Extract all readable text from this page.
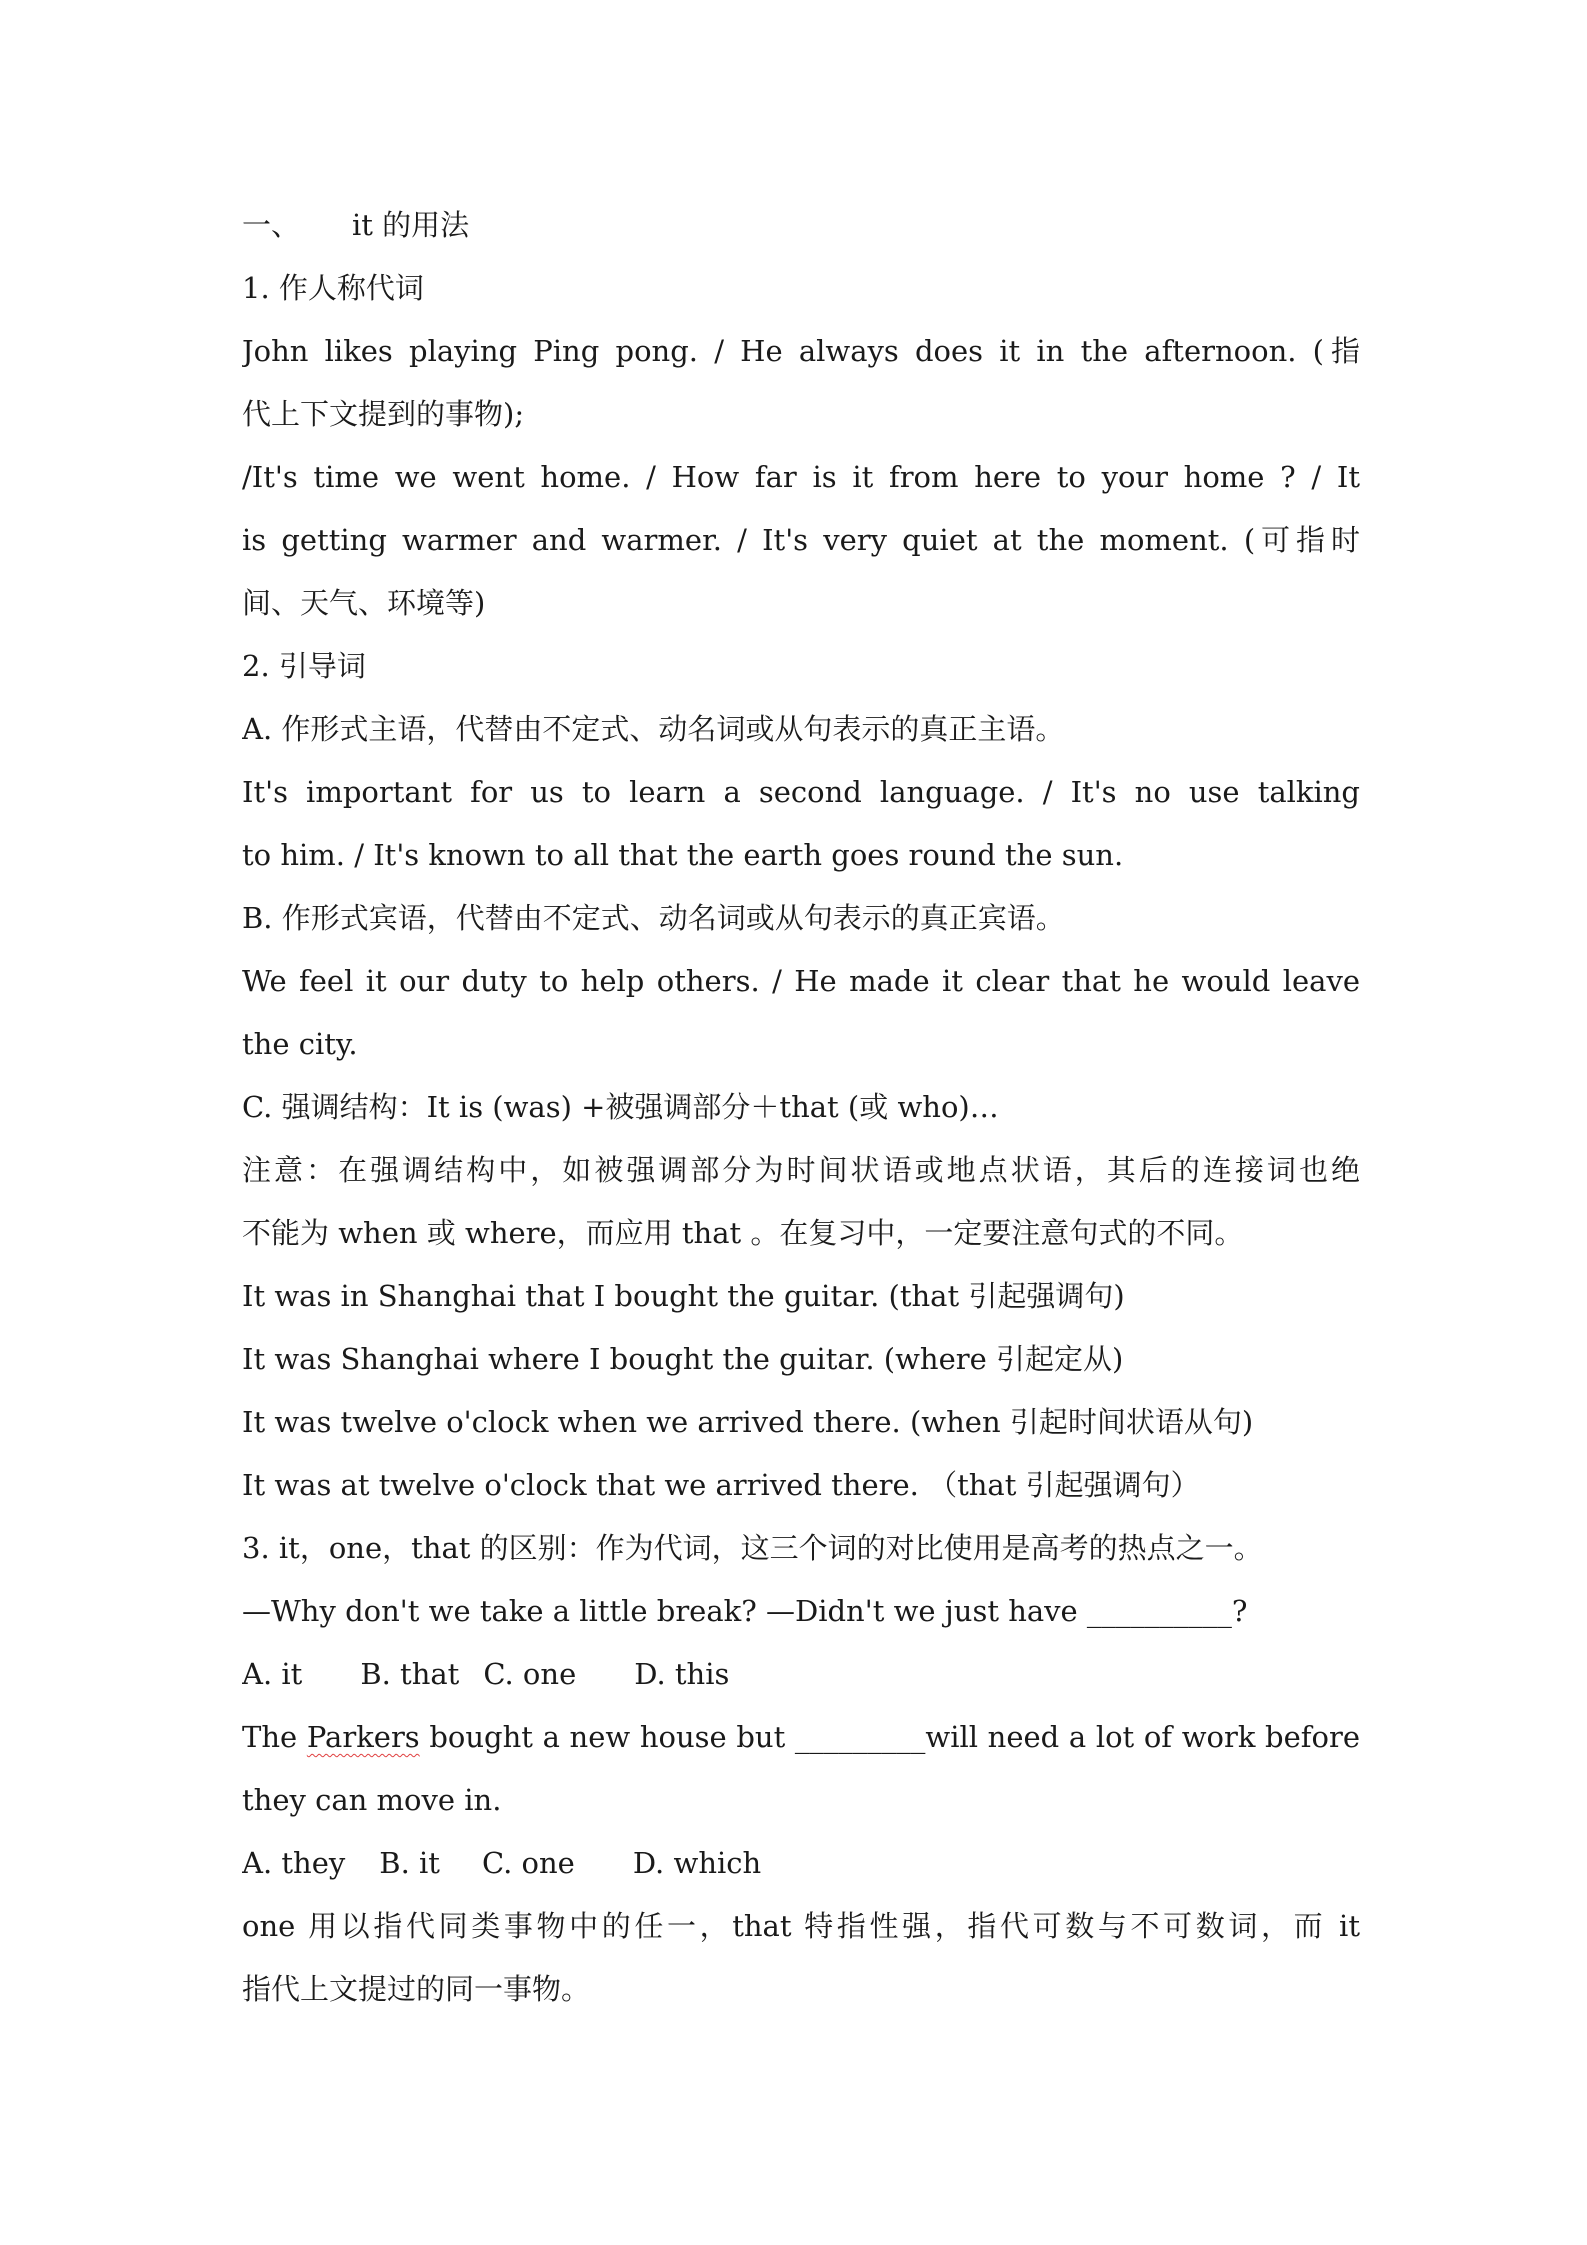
一、 it 的用法
1. 作人称代词
John likes playing Ping pong. / He always does it in the afternoon. (指
代上下文提到的事物);
/It's time we went home. / How far is it from here to your home ? / It
is getting warmer and warmer. / It's very quiet at the moment. (可指时
间、天气、环境等)
2. 引导词
A. 作形式主语，代替由不定式、动名词或从句表示的真正主语。
It's important for us to learn a second language. / It's no use talking
to him. / It's known to all that the earth goes round the sun.
B. 作形式宾语，代替由不定式、动名词或从句表示的真正宾语。
We feel it our duty to help others. / He made it clear that he would leave
the city.
C. 强调结构：It is (was) +被强调部分＋that (或 who)…
注意：在强调结构中，如被强调部分为时间状语或地点状语，其后的连接词也绝
不能为 when 或 where，而应用 that 。在复习中，一定要注意句式的不同。
It was in Shanghai that I bought the guitar. (that 引起强调句)
It was Shanghai where I bought the guitar. (where 引起定从)
It was twelve o'clock when we arrived there. (when 引起时间状语从句)
It was at twelve o'clock that we arrived there. （that 引起强调句）
3. it，one，that 的区别：作为代词，这三个词的对比使用是高考的热点之一。
—Why don't we take a little break? —Didn't we just have __________?
A. it B. that C. one D. this
The Parkers bought a new house but _________will need a lot of work before
they can move in.
A. they B. it C. one D. which
one 用以指代同类事物中的任一，that 特指性强，指代可数与不可数词，而 it
指代上文提过的同一事物。
